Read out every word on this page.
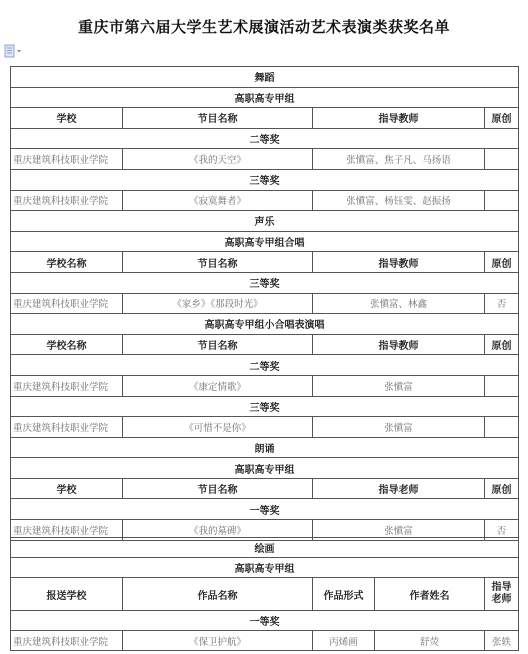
重庆市第六届大学生艺术展演活动艺术表演类获奖名单
舞蹈			
高职高专甲组			
学校	节目名称	指导教师	原创
二等奖			
重庆建筑科技职业学院	《我的天空》	张愼富、焦子凡、马扬语	
三等奖			
重庆建筑科技职业学院	《寂寞舞者》	张愼富、杨钰雯、赵振扬	
声乐			
高职高专甲组合唱			
学校名称	节目名称	指导教师	原创
三等奖			
重庆建筑科技职业学院	《家乡》《那段时光》	张愼富、林鑫	否
高职高专甲组小合唱表演唱			
学校名称	节目名称	指导教师	原创
二等奖			
重庆建筑科技职业学院	《康定情歌》	张愼富	
三等奖			
重庆建筑科技职业学院	《可惜不是你》	张愼富	
朗诵			
高职高专甲组			
学校	节目名称	指导老师	原创
一等奖			
重庆建筑科技职业学院	《我的墓碑》	张愼富	否
绘画				
高职高专甲组				
报送学校	作品名称	作品形式	作者姓名	指导老师
一等奖				
重庆建筑科技职业学院	《保卫护航》	丙烯画	舒荧	张轶
